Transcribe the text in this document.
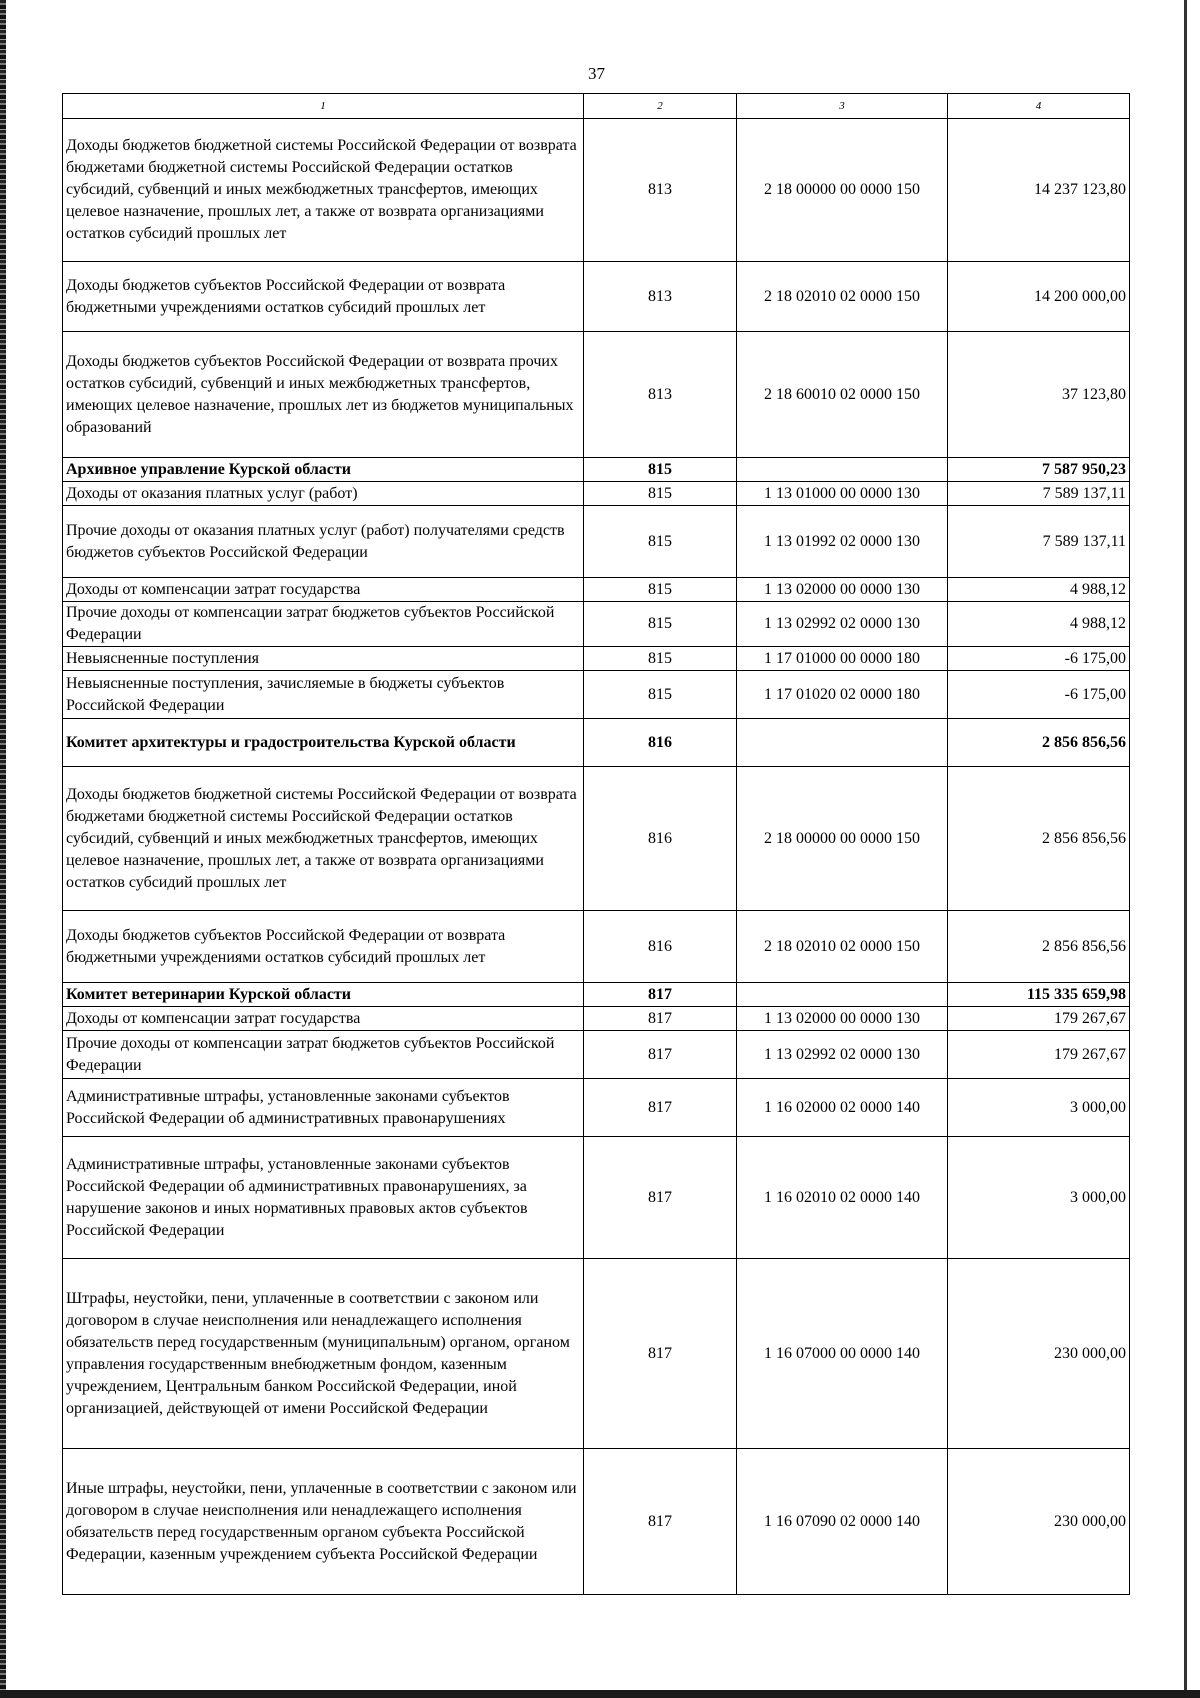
37
1	2	3	4
Доходы бюджетов бюджетной системы Российской Федерации от возврата бюджетами бюджетной системы Российской Федерации остатков субсидий, субвенций и иных межбюджетных трансфертов, имеющих целевое назначение, прошлых лет, а также от возврата организациями остатков субсидий прошлых лет	813	2 18 00000 00 0000 150	14 237 123,80
Доходы бюджетов субъектов Российской Федерации от возврата бюджетными учреждениями остатков субсидий прошлых лет	813	2 18 02010 02 0000 150	14 200 000,00
Доходы бюджетов субъектов Российской Федерации от возврата прочих остатков субсидий, субвенций и иных межбюджетных трансфертов, имеющих целевое назначение, прошлых лет из бюджетов муниципальных образований	813	2 18 60010 02 0000 150	37 123,80
Архивное управление Курской области	815		7 587 950,23
Доходы от оказания платных услуг (работ)	815	1 13 01000 00 0000 130	7 589 137,11
Прочие доходы от оказания платных услуг (работ) получателями средств бюджетов субъектов Российской Федерации	815	1 13 01992 02 0000 130	7 589 137,11
Доходы от компенсации затрат государства	815	1 13 02000 00 0000 130	4 988,12
Прочие доходы от компенсации затрат бюджетов субъектов Российской Федерации	815	1 13 02992 02 0000 130	4 988,12
Невыясненные поступления	815	1 17 01000 00 0000 180	-6 175,00
Невыясненные поступления, зачисляемые в бюджеты субъектов Российской Федерации	815	1 17 01020 02 0000 180	-6 175,00
Комитет архитектуры и градостроительства Курской области	816		2 856 856,56
Доходы бюджетов бюджетной системы Российской Федерации от возврата бюджетами бюджетной системы Российской Федерации остатков субсидий, субвенций и иных межбюджетных трансфертов, имеющих целевое назначение, прошлых лет, а также от возврата организациями остатков субсидий прошлых лет	816	2 18 00000 00 0000 150	2 856 856,56
Доходы бюджетов субъектов Российской Федерации от возврата бюджетными учреждениями остатков субсидий прошлых лет	816	2 18 02010 02 0000 150	2 856 856,56
Комитет ветеринарии Курской области	817		115 335 659,98
Доходы от компенсации затрат государства	817	1 13 02000 00 0000 130	179 267,67
Прочие доходы от компенсации затрат бюджетов субъектов Российской Федерации	817	1 13 02992 02 0000 130	179 267,67
Административные штрафы, установленные законами субъектов Российской Федерации об административных правонарушениях	817	1 16 02000 02 0000 140	3 000,00
Административные штрафы, установленные законами субъектов Российской Федерации об административных правонарушениях, за нарушение законов и иных нормативных правовых актов субъектов Российской Федерации	817	1 16 02010 02 0000 140	3 000,00
Штрафы, неустойки, пени, уплаченные в соответствии с законом или договором в случае неисполнения или ненадлежащего исполнения обязательств перед государственным (муниципальным) органом, органом управления государственным внебюджетным фондом, казенным учреждением, Центральным банком Российской Федерации, иной организацией, действующей от имени Российской Федерации	817	1 16 07000 00 0000 140	230 000,00
Иные штрафы, неустойки, пени, уплаченные в соответствии с законом или договором в случае неисполнения или ненадлежащего исполнения обязательств перед государственным органом субъекта Российской Федерации, казенным учреждением субъекта Российской Федерации	817	1 16 07090 02 0000 140	230 000,00
